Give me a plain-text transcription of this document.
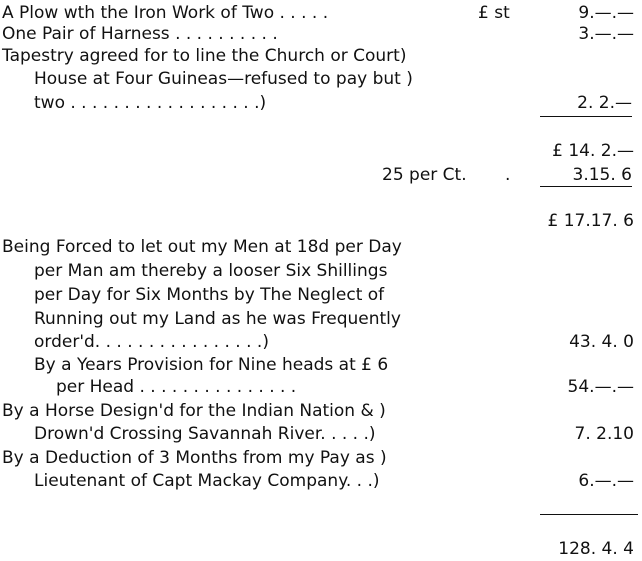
A Plow wth the Iron Work of Two . . . . .	£ st	9.—.—
One Pair of Harness . . . . . . . . . .	3.—.—
Tapestry agreed for to line the Church or Court)
House at Four Guineas—refused to pay but )
two . . . . . . . . . . . . . . . . . .)	2. 2.—
£ 14. 2.—
25 per Ct. .	3.15. 6
£ 17.17. 6
Being Forced to let out my Men at 18d per Day
per Man am thereby a looser Six Shillings
per Day for Six Months by The Neglect of
Running out my Land as he was Frequently
order'd. . . . . . . . . . . . . . . .)	43. 4. 0
By a Years Provision for Nine heads at £ 6
per Head . . . . . . . . . . . . . . .	54.—.—
By a Horse Design'd for the Indian Nation & )
Drown'd Crossing Savannah River. . . . .)	7. 2.10
By a Deduction of 3 Months from my Pay as )
Lieutenant of Capt Mackay Company. . .)	6.—.—
128. 4. 4
